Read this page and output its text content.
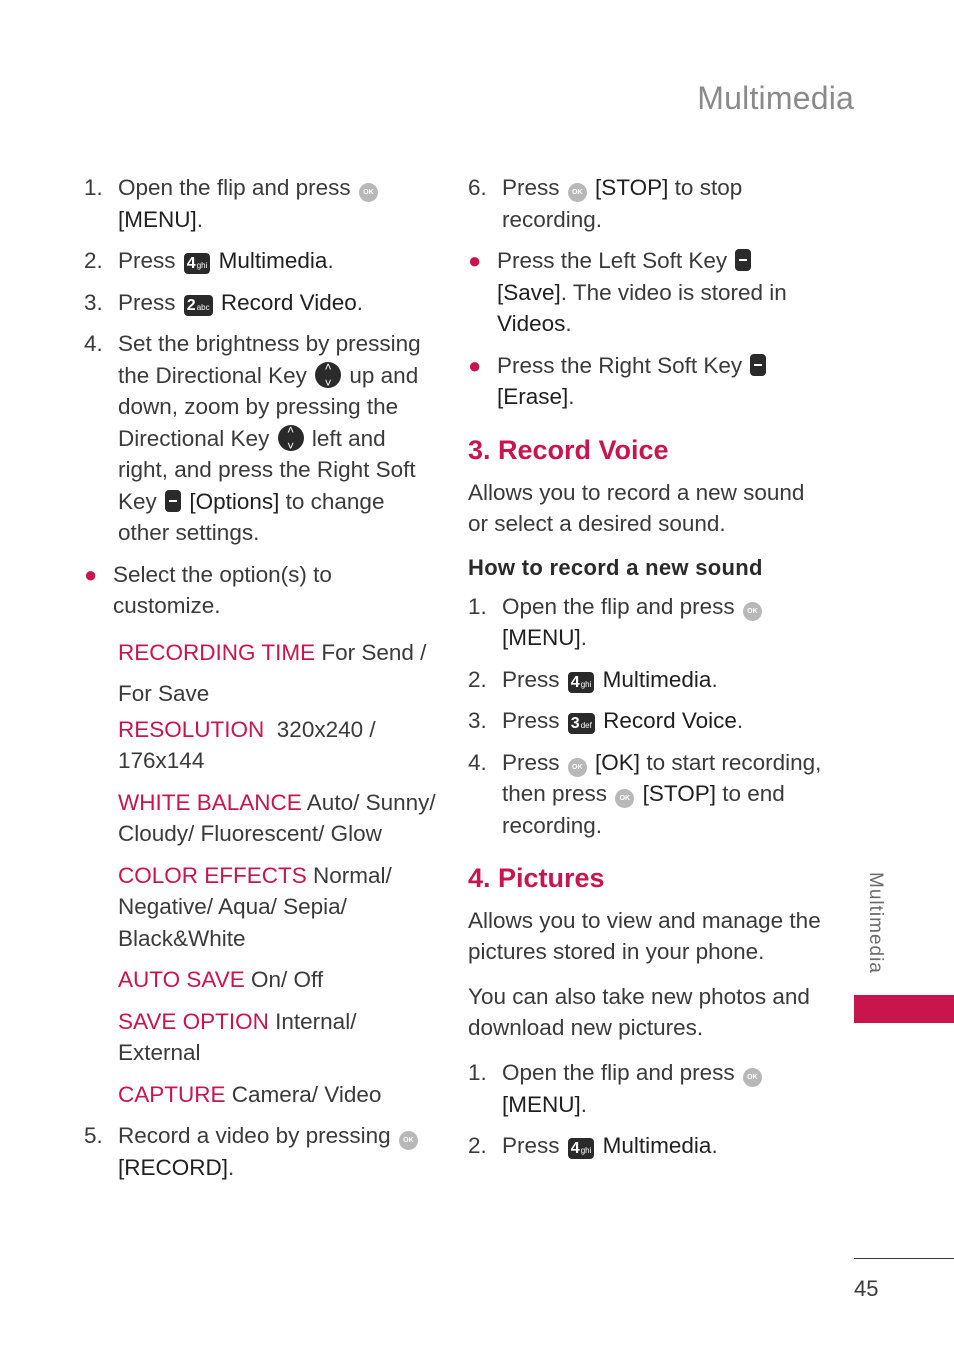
Multimedia
1. Open the flip and press OK [MENU].
2. Press 4ghi Multimedia.
3. Press 2abc Record Video.
4. Set the brightness by pressing the Directional Key ˄ ˅ up and down, zoom by pressing the Directional Key ˄ ˅ left and right, and press the Right Soft Key [Options] to change other settings.
● Select the option(s) to customize.
RECORDING TIME For Send / For Save
RESOLUTION 320x240 / 176x144
WHITE BALANCE Auto/ Sunny/ Cloudy/ Fluorescent/ Glow
COLOR EFFECTS Normal/ Negative/ Aqua/ Sepia/ Black&White
AUTO SAVE On/ Off
SAVE OPTION Internal/ External
CAPTURE Camera/ Video
5. Record a video by pressing OK [RECORD].
6. Press OK [STOP] to stop recording.
● Press the Left Soft Key  [Save]. The video is stored in Videos.
● Press the Right Soft Key  [Erase].
3. Record Voice
Allows you to record a new sound or select a desired sound.
How to record a new sound
1. Open the flip and press OK [MENU].
2. Press 4ghi Multimedia.
3. Press 3def Record Voice.
4. Press OK [OK] to start recording, then press OK [STOP] to end recording.
4. Pictures
Allows you to view and manage the pictures stored in your phone.
You can also take new photos and download new pictures.
1. Open the flip and press OK [MENU].
2. Press 4ghi Multimedia.
Multimedia
45
